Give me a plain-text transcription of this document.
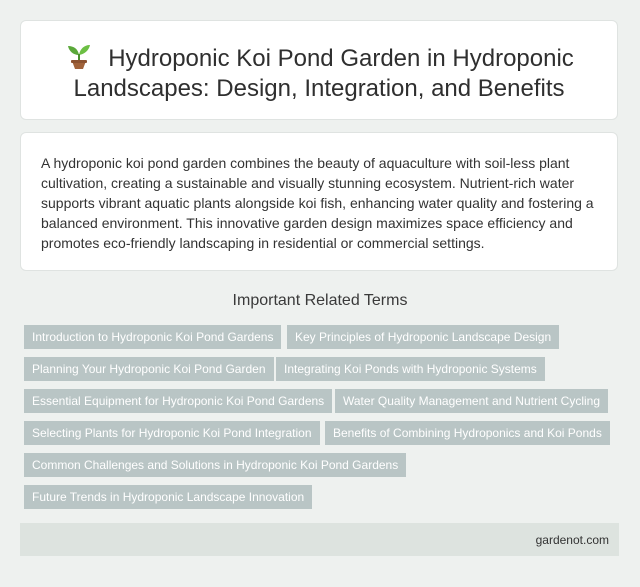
Hydroponic Koi Pond Garden in Hydroponic Landscapes: Design, Integration, and Benefits

A hydroponic koi pond garden combines the beauty of aquaculture with soil-less plant cultivation, creating a sustainable and visually stunning ecosystem. Nutrient-rich water supports vibrant aquatic plants alongside koi fish, enhancing water quality and fostering a balanced environment. This innovative garden design maximizes space efficiency and promotes eco-friendly landscaping in residential or commercial settings.

Important Related Terms
Introduction to Hydroponic Koi Pond Gardens	Key Principles of Hydroponic Landscape Design
Planning Your Hydroponic Koi Pond Garden	Integrating Koi Ponds with Hydroponic Systems
Essential Equipment for Hydroponic Koi Pond Gardens	Water Quality Management and Nutrient Cycling
Selecting Plants for Hydroponic Koi Pond Integration	Benefits of Combining Hydroponics and Koi Ponds
Common Challenges and Solutions in Hydroponic Koi Pond Gardens
Future Trends in Hydroponic Landscape Innovation
gardenot.com
